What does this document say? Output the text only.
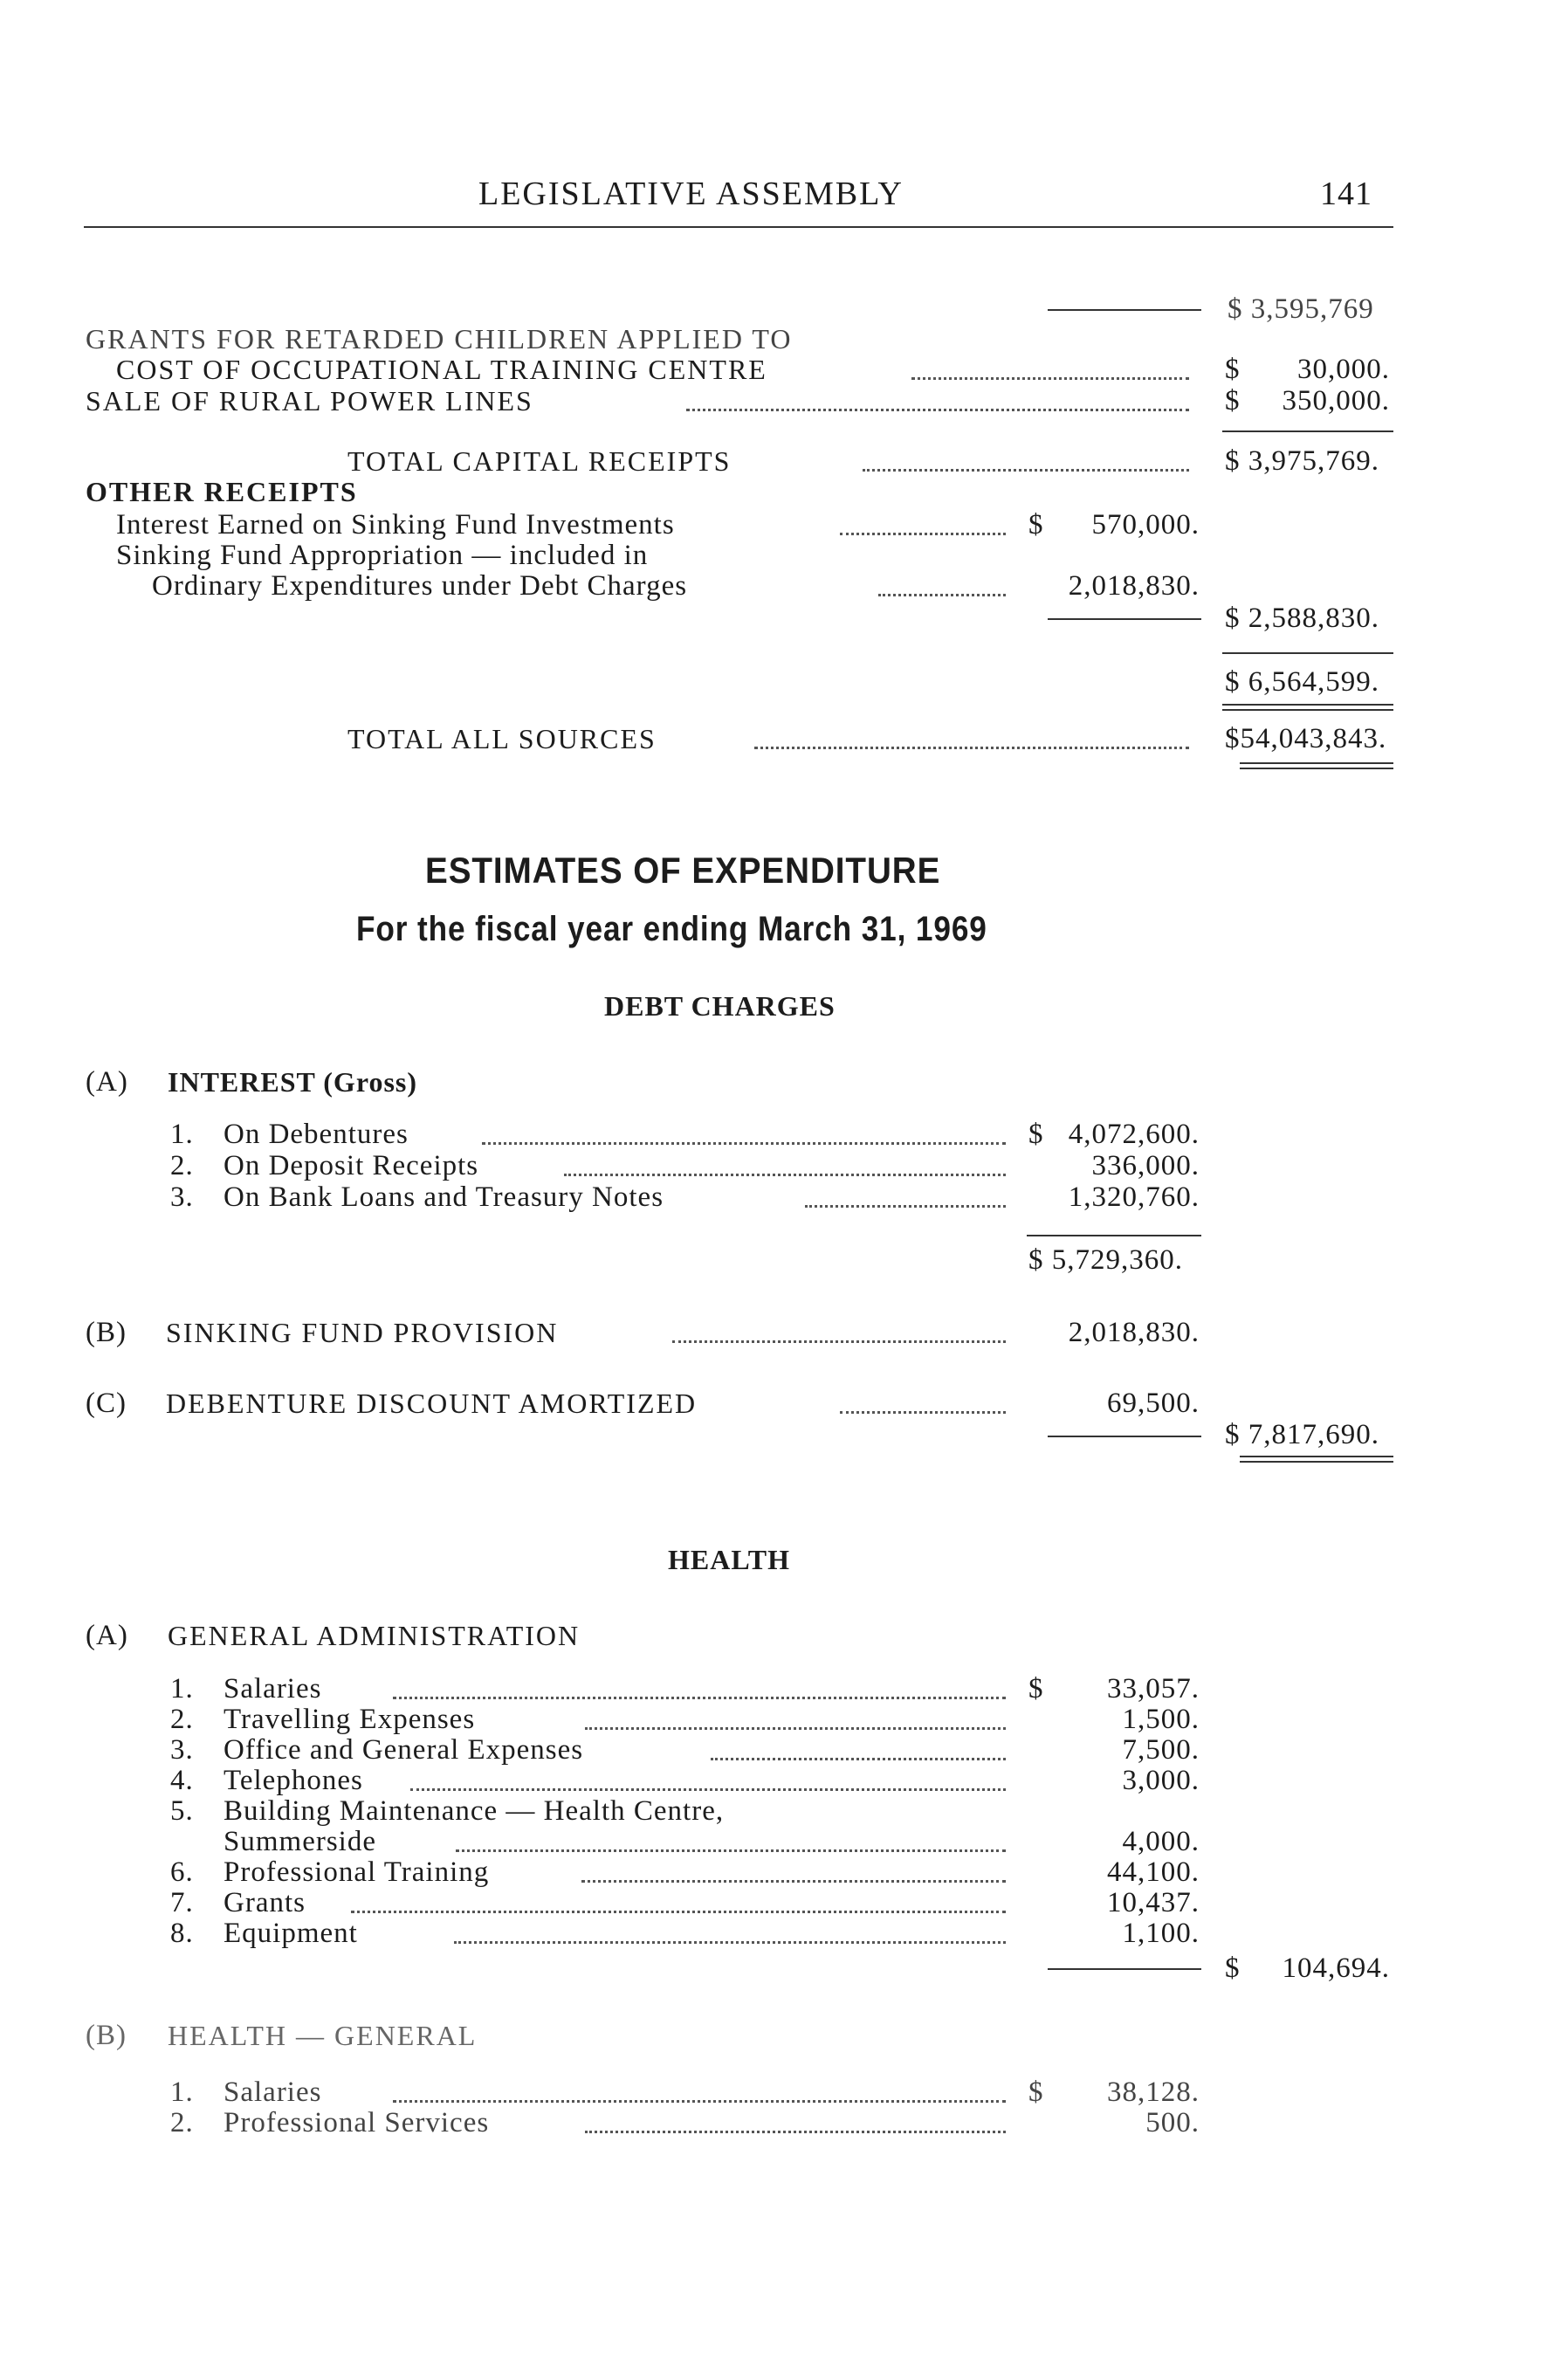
LEGISLATIVE ASSEMBLY	141
$ 3,595,769
GRANTS FOR RETARDED CHILDREN APPLIED TO
COST OF OCCUPATIONAL TRAINING CENTRE	$	30,000.
SALE OF RURAL POWER LINES	$	350,000.
TOTAL CAPITAL RECEIPTS	$ 3,975,769.
OTHER RECEIPTS
Interest Earned on Sinking Fund Investments	$	570,000.
Sinking Fund Appropriation — included in
Ordinary Expenditures under Debt Charges	2,018,830.
$ 2,588,830.
$ 6,564,599.
TOTAL ALL SOURCES	$54,043,843.
ESTIMATES OF EXPENDITURE
For the fiscal year ending March 31, 1969
DEBT CHARGES
(A) INTEREST (Gross)
1. On Debentures	$ 4,072,600.
2. On Deposit Receipts	336,000.
3. On Bank Loans and Treasury Notes	1,320,760.
$ 5,729,360.
(B) SINKING FUND PROVISION	2,018,830.
(C) DEBENTURE DISCOUNT AMORTIZED	69,500.
$ 7,817,690.
HEALTH
(A) GENERAL ADMINISTRATION
1. Salaries	$	33,057.
2. Travelling Expenses	1,500.
3. Office and General Expenses	7,500.
4. Telephones	3,000.
5. Building Maintenance — Health Centre,
Summerside	4,000.
6. Professional Training	44,100.
7. Grants	10,437.
8. Equipment	1,100.
$	104,694.
(B) HEALTH — GENERAL
1. Salaries	$	38,128.
2. Professional Services	500.
